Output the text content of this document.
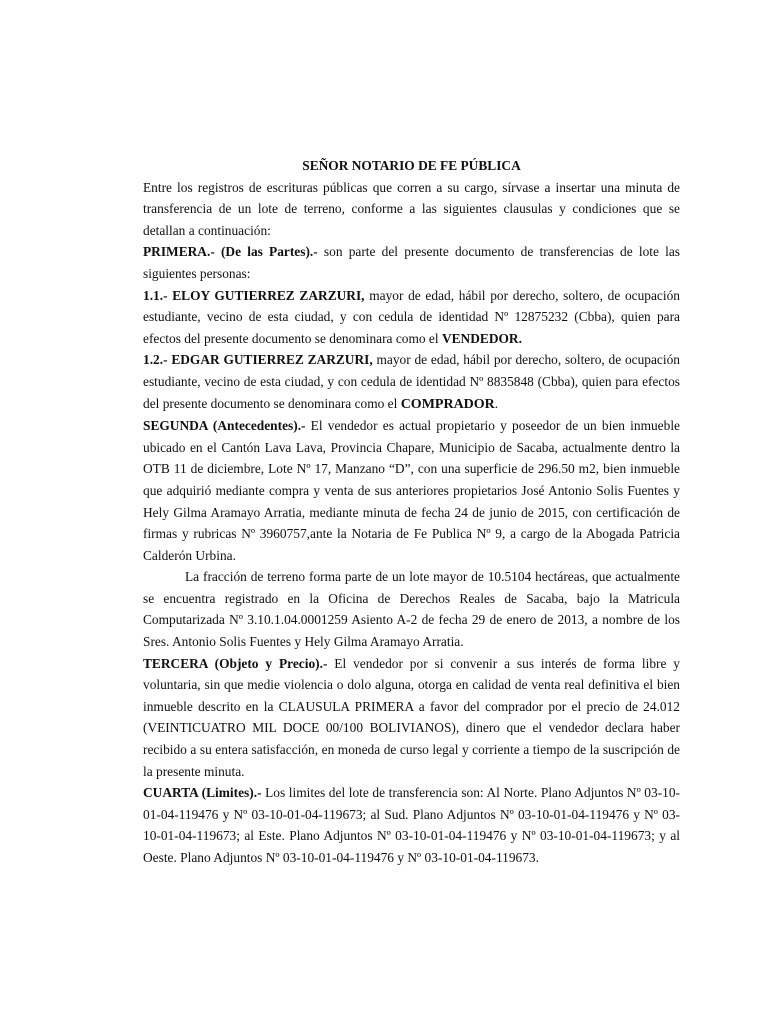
SEÑOR NOTARIO DE FE PÚBLICA

Entre los registros de escrituras públicas que corren a su cargo, sírvase a insertar una minuta de transferencia de un lote de terreno, conforme a las siguientes clausulas y condiciones que se detallan a continuación:

PRIMERA.- (De las Partes).- son parte del presente documento de transferencias de lote las siguientes personas:

1.1.- ELOY GUTIERREZ ZARZURI, mayor de edad, hábil por derecho, soltero, de ocupación estudiante, vecino de esta ciudad, y con cedula de identidad Nº 12875232 (Cbba), quien para efectos del presente documento se denominara como el VENDEDOR.

1.2.- EDGAR GUTIERREZ ZARZURI, mayor de edad, hábil por derecho, soltero, de ocupación estudiante, vecino de esta ciudad, y con cedula de identidad Nº 8835848 (Cbba), quien para efectos del presente documento se denominara como el COMPRADOR.

SEGUNDA (Antecedentes).- El vendedor es actual propietario y poseedor de un bien inmueble ubicado en el Cantón Lava Lava, Provincia Chapare, Municipio de Sacaba, actualmente dentro la OTB 11 de diciembre, Lote Nº 17, Manzano “D”, con una superficie de 296.50 m2, bien inmueble que adquirió mediante compra y venta de sus anteriores propietarios José Antonio Solis Fuentes y Hely Gilma Aramayo Arratia, mediante minuta de fecha 24 de junio de 2015, con certificación de firmas y rubricas Nº 3960757,ante la Notaria de Fe Publica Nº 9, a cargo de la Abogada Patricia Calderón Urbina.

La fracción de terreno forma parte de un lote mayor de 10.5104 hectáreas, que actualmente se encuentra registrado en la Oficina de Derechos Reales de Sacaba, bajo la Matricula Computarizada Nº 3.10.1.04.0001259 Asiento A-2 de fecha 29 de enero de 2013, a nombre de los Sres. Antonio Solis Fuentes y Hely Gilma Aramayo Arratia.

TERCERA (Objeto y Precio).- El vendedor por si convenir a sus interés de forma libre y voluntaria, sin que medie violencia o dolo alguna, otorga en calidad de venta real definitiva el bien inmueble descrito en la CLAUSULA PRIMERA a favor del comprador por el precio de 24.012 (VEINTICUATRO MIL DOCE 00/100 BOLIVIANOS), dinero que el vendedor declara haber recibido a su entera satisfacción, en moneda de curso legal y corriente a tiempo de la suscripción de la presente minuta.

CUARTA (Limites).- Los limites del lote de transferencia son: Al Norte. Plano Adjuntos Nº 03-10-01-04-119476 y Nº 03-10-01-04-119673; al Sud. Plano Adjuntos Nº 03-10-01-04-119476 y Nº 03-10-01-04-119673; al Este. Plano Adjuntos Nº 03-10-01-04-119476 y Nº 03-10-01-04-119673; y al Oeste. Plano Adjuntos Nº 03-10-01-04-119476 y Nº 03-10-01-04-119673.
